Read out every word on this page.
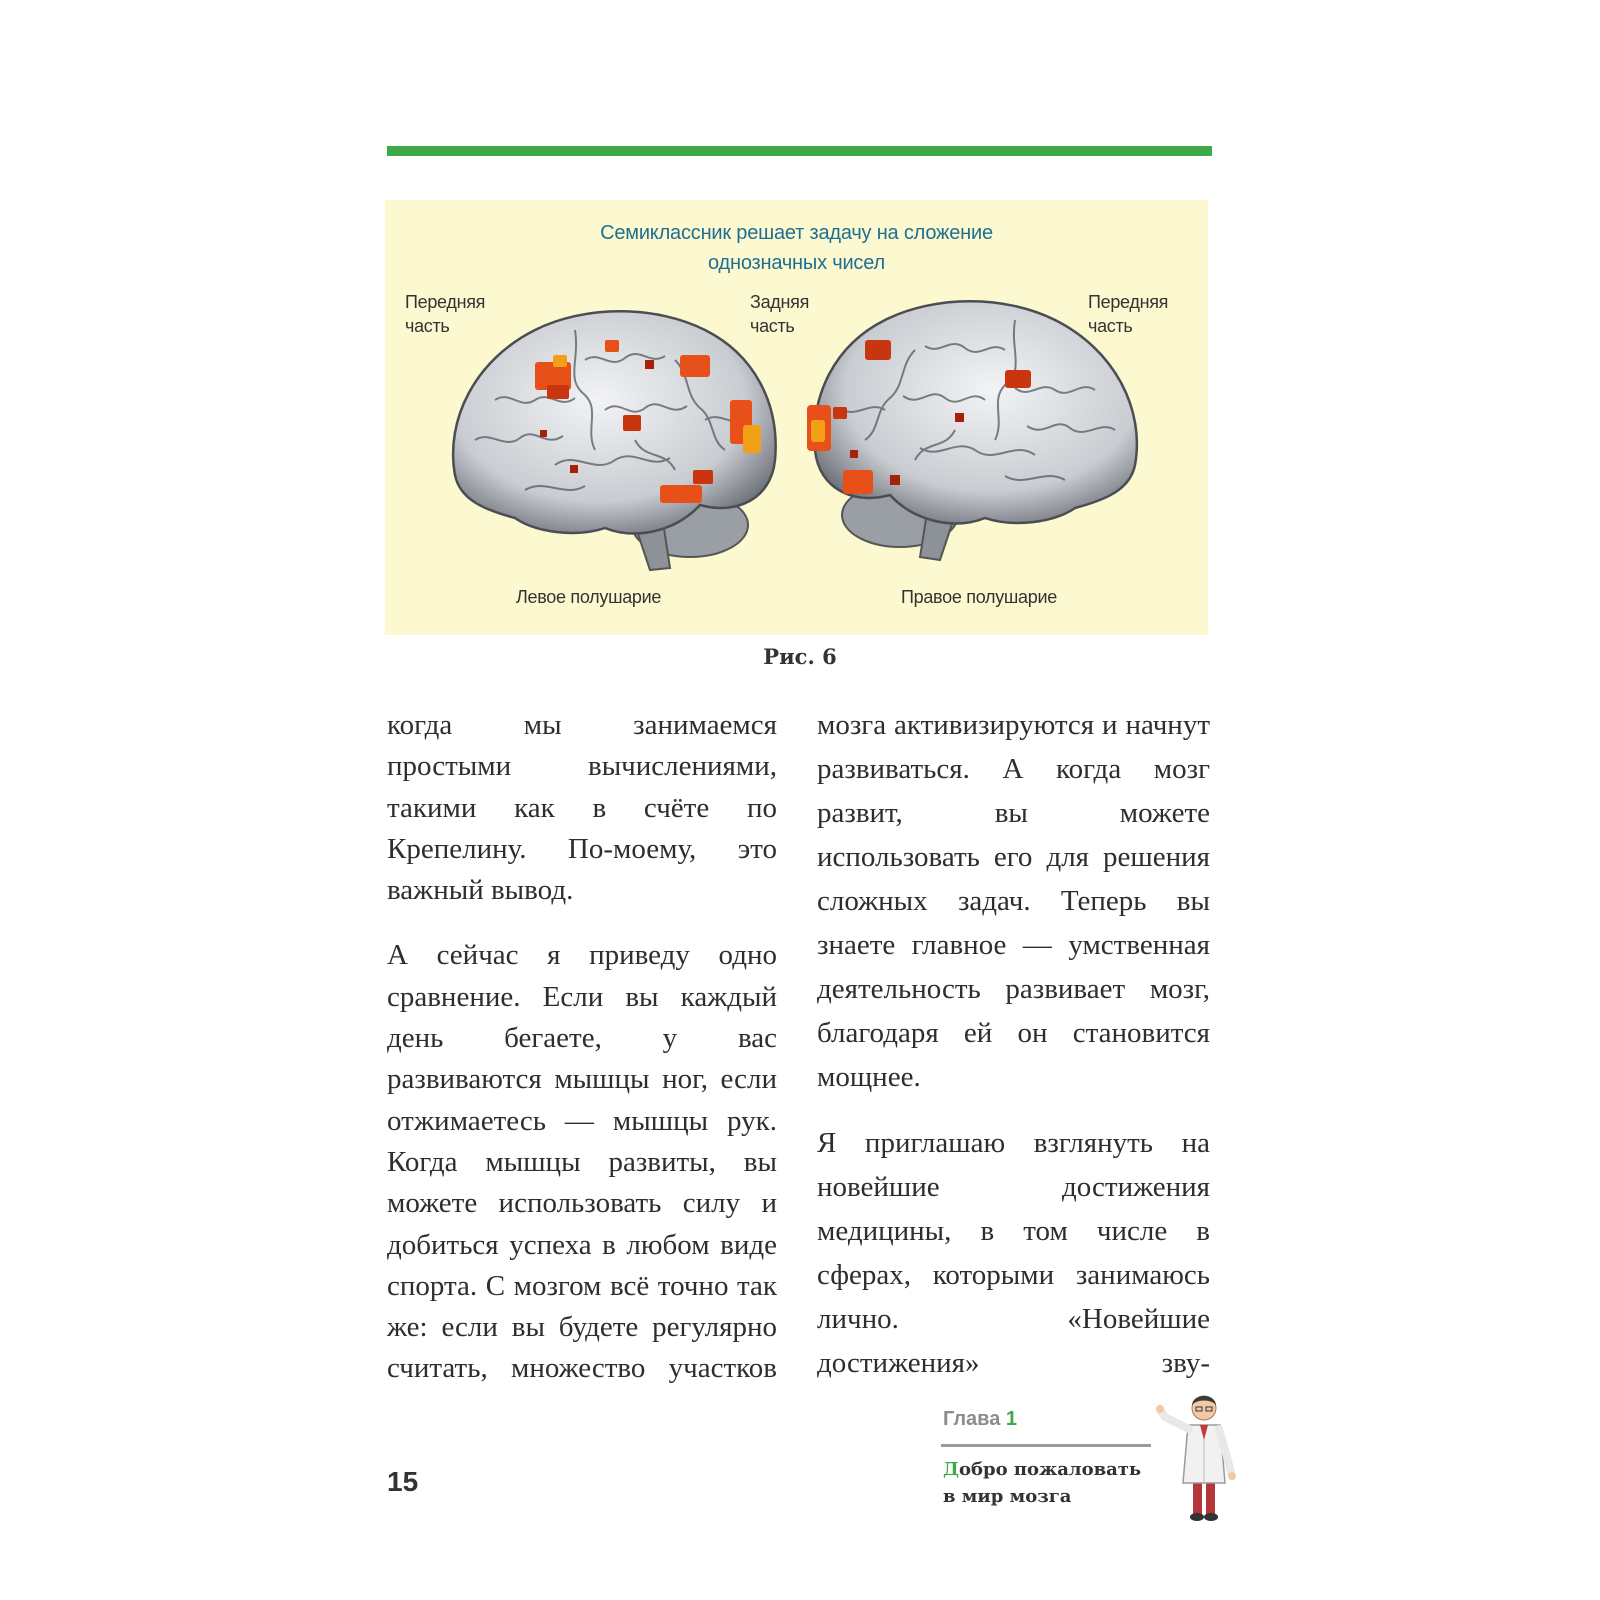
Семиклассник решает задачу на сложение
однозначных чисел
Передняя
часть
Задняя
часть
Передняя
часть
Левое полушарие	Правое полушарие
Рис. 6

когда мы занимаемся простыми вычислениями, такими как в счёте по Крепелину. По-моему, это важный вывод.

А сейчас я приведу одно сравнение. Если вы каждый день бегаете, у вас развиваются мышцы ног, если отжимаетесь — мышцы рук. Когда мышцы развиты, вы можете использовать силу и добиться успеха в любом виде спорта. С мозгом всё точно так же: если вы будете регулярно считать, множество участков

мозга активизируются и начнут развиваться. А когда мозг развит, вы можете использовать его для решения сложных задач. Теперь вы знаете главное — умственная деятельность развивает мозг, благодаря ей он становится мощнее.

Я приглашаю взглянуть на новейшие достижения медицины, в том числе в сферах, которыми занимаюсь лично. «Новейшие достижения» зву-

15
Глава 1
Добро пожаловать
в мир мозга
